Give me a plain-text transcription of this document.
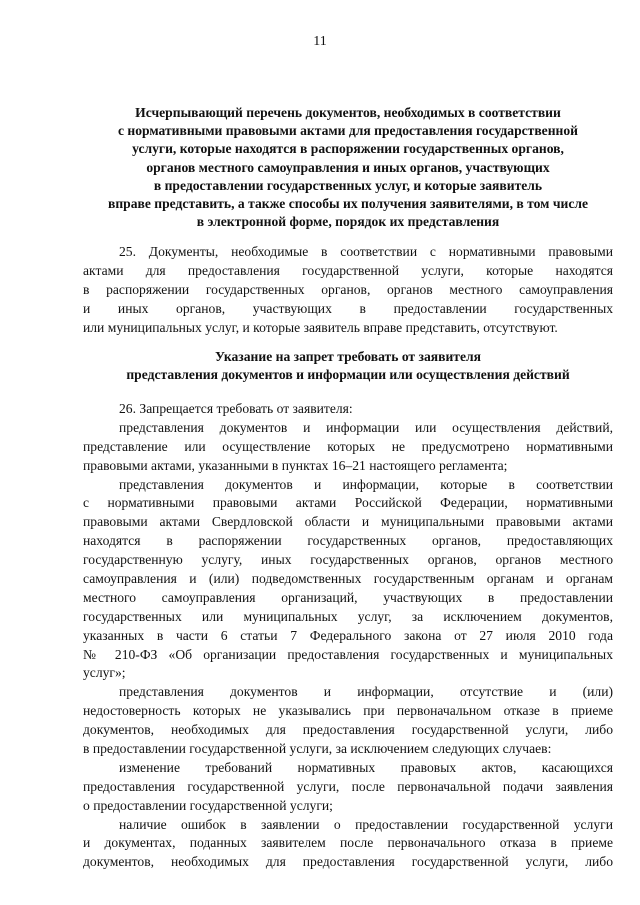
11
Исчерпывающий перечень документов, необходимых в соответствии
с нормативными правовыми актами для предоставления государственной
услуги, которые находятся в распоряжении государственных органов,
органов местного самоуправления и иных органов, участвующих
в предоставлении государственных услуг, и которые заявитель
вправе представить, а также способы их получения заявителями, в том числе
в электронной форме, порядок их представления
25. Документы, необходимые в соответствии с нормативными правовыми
актами для предоставления государственной услуги, которые находятся
в распоряжении государственных органов, органов местного самоуправления
и иных органов, участвующих в предоставлении государственных
или муниципальных услуг, и которые заявитель вправе представить, отсутствуют.
Указание на запрет требовать от заявителя
представления документов и информации или осуществления действий
26. Запрещается требовать от заявителя:
представления документов и информации или осуществления действий,
представление или осуществление которых не предусмотрено нормативными
правовыми актами, указанными в пунктах 16–21 настоящего регламента;
представления документов и информации, которые в соответствии
с нормативными правовыми актами Российской Федерации, нормативными
правовыми актами Свердловской области и муниципальными правовыми актами
находятся в распоряжении государственных органов, предоставляющих
государственную услугу, иных государственных органов, органов местного
самоуправления и (или) подведомственных государственным органам и органам
местного самоуправления организаций, участвующих в предоставлении
государственных или муниципальных услуг, за исключением документов,
указанных в части 6 статьи 7 Федерального закона от 27 июля 2010 года
№ 210-ФЗ «Об организации предоставления государственных и муниципальных
услуг»;
представления документов и информации, отсутствие и (или)
недостоверность которых не указывались при первоначальном отказе в приеме
документов, необходимых для предоставления государственной услуги, либо
в предоставлении государственной услуги, за исключением следующих случаев:
изменение требований нормативных правовых актов, касающихся
предоставления государственной услуги, после первоначальной подачи заявления
о предоставлении государственной услуги;
наличие ошибок в заявлении о предоставлении государственной услуги
и документах, поданных заявителем после первоначального отказа в приеме
документов, необходимых для предоставления государственной услуги, либо
